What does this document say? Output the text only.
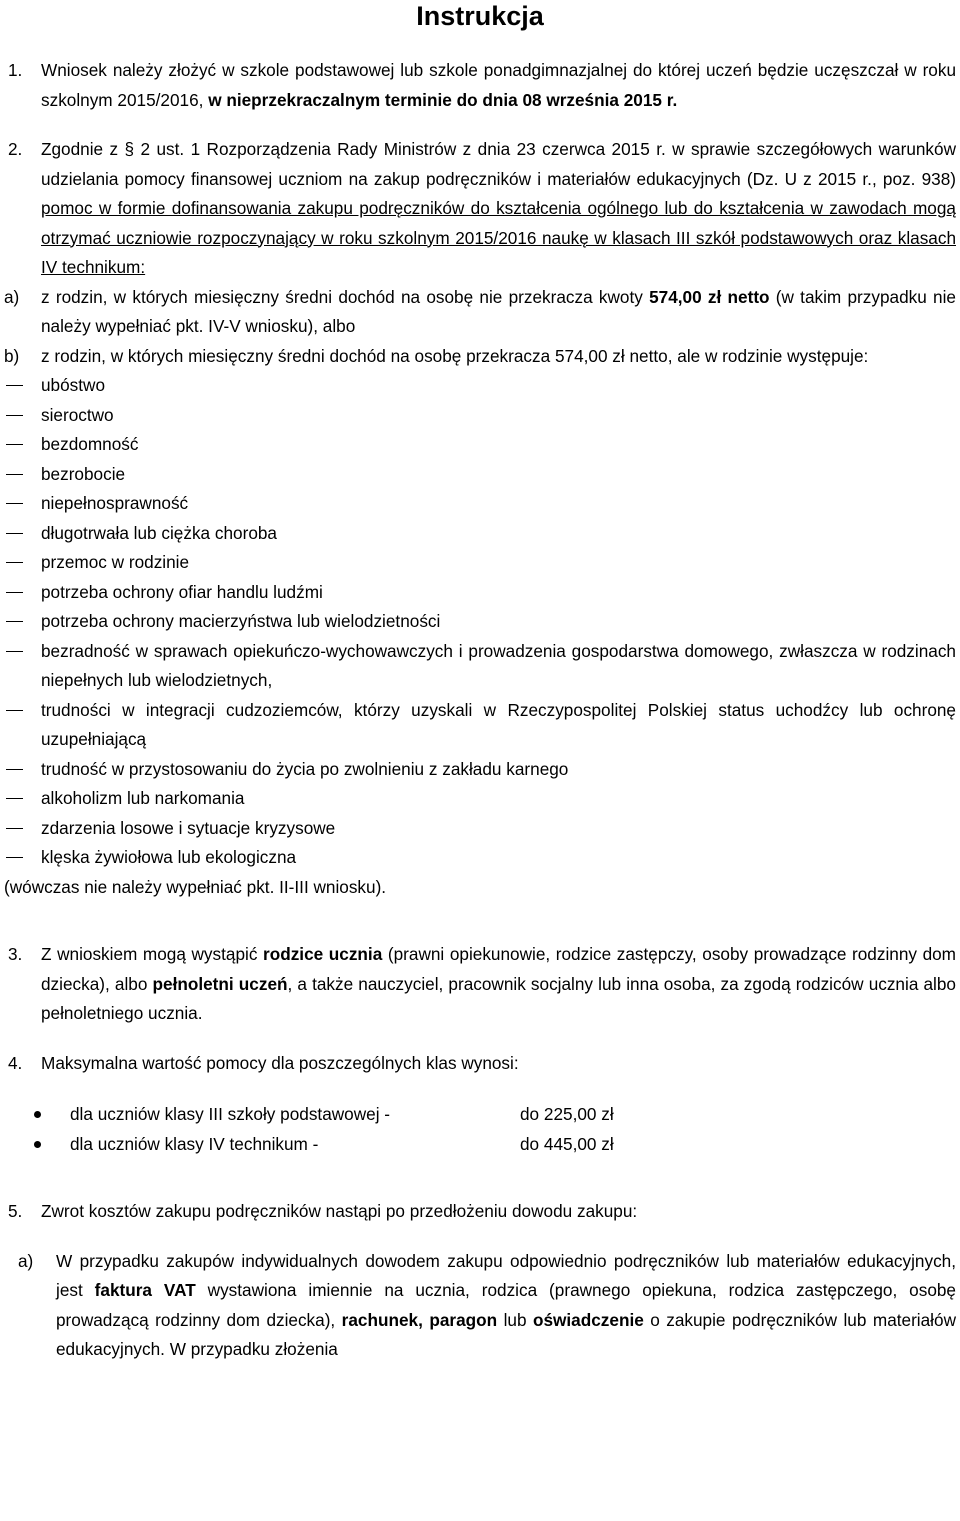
Instrukcja
1. Wniosek należy złożyć w szkole podstawowej lub szkole ponadgimnazjalnej do której uczeń będzie uczęszczał w roku szkolnym 2015/2016, w nieprzekraczalnym terminie do dnia 08 września 2015 r.
2. Zgodnie z § 2 ust. 1 Rozporządzenia Rady Ministrów z dnia 23 czerwca 2015 r. w sprawie szczegółowych warunków udzielania pomocy finansowej uczniom na zakup podręczników i materiałów edukacyjnych (Dz. U z 2015 r., poz. 938) pomoc w formie dofinansowania zakupu podręczników do kształcenia ogólnego lub do kształcenia w zawodach mogą otrzymać uczniowie rozpoczynający w roku szkolnym 2015/2016 naukę w klasach III szkół podstawowych oraz klasach IV technikum:
a) z rodzin, w których miesięczny średni dochód na osobę nie przekracza kwoty 574,00 zł netto (w takim przypadku nie należy wypełniać pkt. IV-V wniosku), albo
b) z rodzin, w których miesięczny średni dochód na osobę przekracza 574,00 zł netto, ale w rodzinie występuje:
ubóstwo
sieroctwo
bezdomność
bezrobocie
niepełnosprawność
długotrwała lub ciężka choroba
przemoc w rodzinie
potrzeba ochrony ofiar handlu ludźmi
potrzeba ochrony macierzyństwa lub wielodzietności
bezradność w sprawach opiekuńczo-wychowawczych i prowadzenia gospodarstwa domowego, zwłaszcza w rodzinach niepełnych lub wielodzietnych,
trudności w integracji cudzoziemców, którzy uzyskali w Rzeczypospolitej Polskiej status uchodźcy lub ochronę uzupełniającą
trudność w przystosowaniu do życia po zwolnieniu z zakładu karnego
alkoholizm lub narkomania
zdarzenia losowe i sytuacje kryzysowe
klęska żywiołowa lub ekologiczna
(wówczas nie należy wypełniać pkt. II-III wniosku).
3. Z wnioskiem mogą wystąpić rodzice ucznia (prawni opiekunowie, rodzice zastępczy, osoby prowadzące rodzinny dom dziecka), albo pełnoletni uczeń, a także nauczyciel, pracownik socjalny lub inna osoba, za zgodą rodziców ucznia albo pełnoletniego ucznia.
4. Maksymalna wartość pomocy dla poszczególnych klas wynosi:
dla uczniów klasy III szkoły podstawowej -	do 225,00 zł
dla uczniów klasy IV technikum -	do 445,00 zł
5. Zwrot kosztów zakupu podręczników nastąpi po przedłożeniu dowodu zakupu:
a) W przypadku zakupów indywidualnych dowodem zakupu odpowiednio podręczników lub materiałów edukacyjnych, jest faktura VAT wystawiona imiennie na ucznia, rodzica (prawnego opiekuna, rodzica zastępczego, osobę prowadzącą rodzinny dom dziecka), rachunek, paragon lub oświadczenie o zakupie podręczników lub materiałów edukacyjnych. W przypadku złożenia
